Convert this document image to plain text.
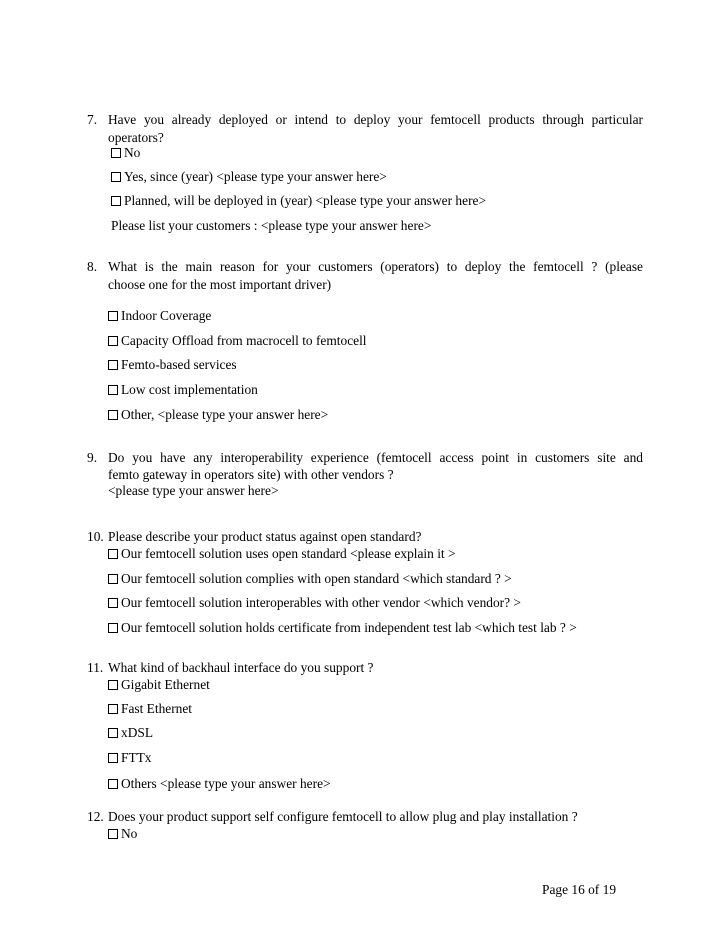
7. Have you already deployed or intend to deploy your femtocell products through particular
operators?
No
Yes, since (year) <please type your answer here>
Planned, will be deployed in (year) <please type your answer here>
Please list your customers : <please type your answer here>
8. What is the main reason for your customers (operators) to deploy the femtocell ? (please
choose one for the most important driver)
Indoor Coverage
Capacity Offload from macrocell to femtocell
Femto-based services
Low cost implementation
Other, <please type your answer here>
9. Do you have any interoperability experience (femtocell access point in customers site and
femto gateway in operators site) with other vendors ?
<please type your answer here>
10. Please describe your product status against open standard?
Our femtocell solution uses open standard <please explain it >
Our femtocell solution complies with open standard <which standard ? >
Our femtocell solution interoperables with other vendor <which vendor? >
Our femtocell solution holds certificate from independent test lab <which test lab ? >
11. What kind of backhaul interface do you support ?
Gigabit Ethernet
Fast Ethernet
xDSL
FTTx
Others <please type your answer here>
12. Does your product support self configure femtocell to allow plug and play installation ?
No
Page 16 of 19
